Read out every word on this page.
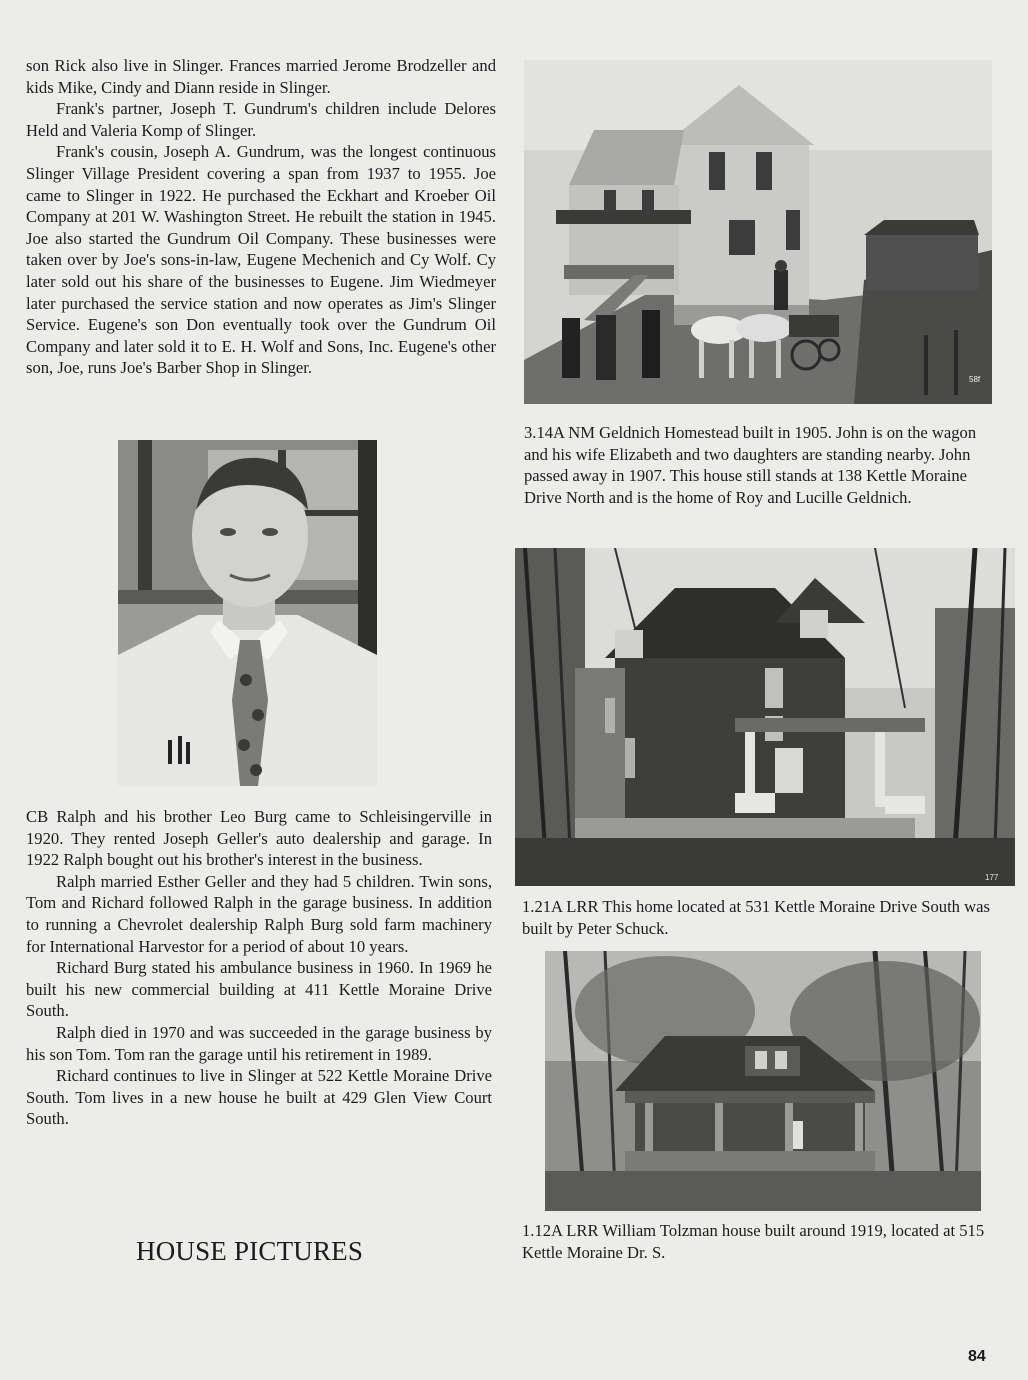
son Rick also live in Slinger. Frances married Jerome Brodzeller and kids Mike, Cindy and Diann reside in Slinger.

Frank's partner, Joseph T. Gundrum's children include Delores Held and Valeria Komp of Slinger.

Frank's cousin, Joseph A. Gundrum, was the longest continuous Slinger Village President covering a span from 1937 to 1955. Joe came to Slinger in 1922. He purchased the Eckhart and Kroeber Oil Company at 201 W. Washington Street. He rebuilt the station in 1945. Joe also started the Gundrum Oil Company. These businesses were taken over by Joe's sons-in-law, Eugene Mechenich and Cy Wolf. Cy later sold out his share of the businesses to Eugene. Jim Wiedmeyer later purchased the service station and now operates as Jim's Slinger Service. Eugene's son Don eventually took over the Gundrum Oil Company and later sold it to E. H. Wolf and Sons, Inc. Eugene's other son, Joe, runs Joe's Barber Shop in Slinger.

58f
3.14A NM Geldnich Homestead built in 1905. John is on the wagon and his wife Elizabeth and two daughters are standing nearby. John passed away in 1907. This house still stands at 138 Kettle Moraine Drive North and is the home of Roy and Lucille Geldnich.
177
1.21A LRR This home located at 531 Kettle Moraine Drive South was built by Peter Schuck.

CB Ralph and his brother Leo Burg came to Schleisingerville in 1920. They rented Joseph Geller's auto dealership and garage. In 1922 Ralph bought out his brother's interest in the business.

Ralph married Esther Geller and they had 5 children. Twin sons, Tom and Richard followed Ralph in the garage business. In addition to running a Chevrolet dealership Ralph Burg sold farm machinery for International Harvestor for a period of about 10 years.

Richard Burg stated his ambulance business in 1960. In 1969 he built his new commercial building at 411 Kettle Moraine Drive South.

Ralph died in 1970 and was succeeded in the garage business by his son Tom. Tom ran the garage until his retirement in 1989.

Richard continues to live in Slinger at 522 Kettle Moraine Drive South. Tom lives in a new house he built at 429 Glen View Court South.

1.12A LRR William Tolzman house built around 1919, located at 515 Kettle Moraine Dr. S.
HOUSE PICTURES
84
